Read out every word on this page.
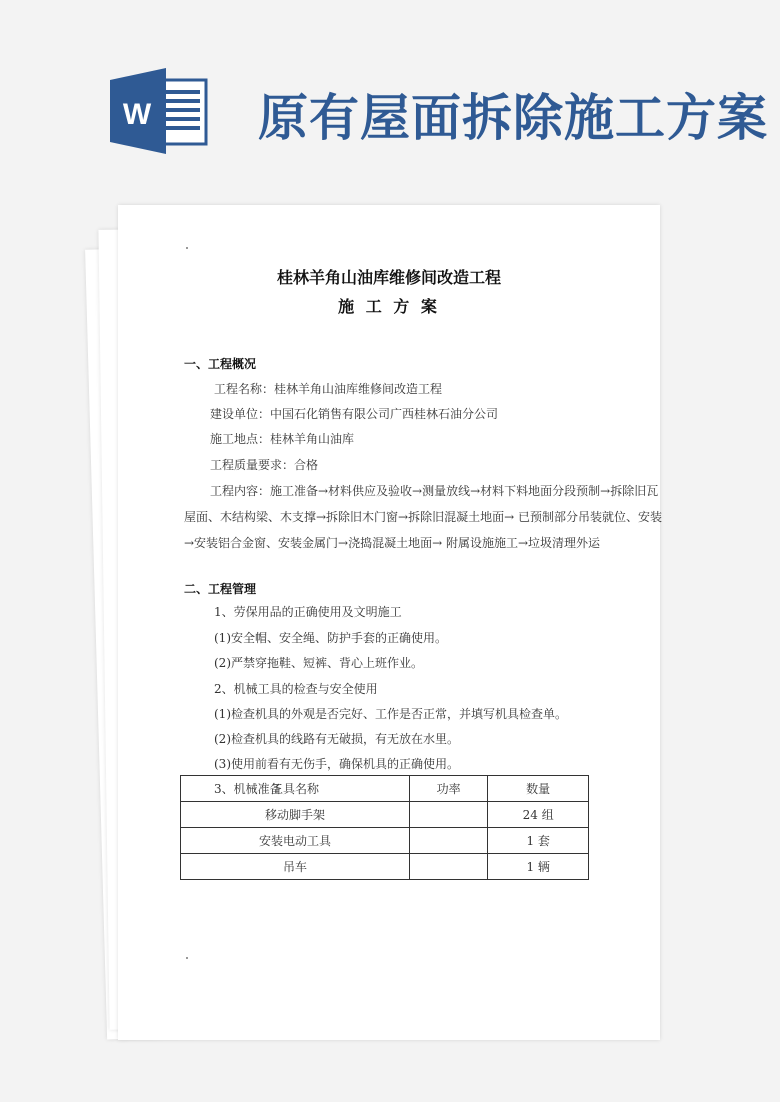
W 原有屋面拆除施工方案
桂林羊角山油库维修间改造工程
施 工 方 案
一、工程概况
工程名称：桂林羊角山油库维修间改造工程
建设单位：中国石化销售有限公司广西桂林石油分公司
施工地点：桂林羊角山油库
工程质量要求：合格
工程内容：施工准备→材料供应及验收→测量放线→材料下料地面分段预制→拆除旧瓦
屋面、木结构梁、木支撑→拆除旧木门窗→拆除旧混凝土地面→ 已预制部分吊装就位、安装
→安装铝合金窗、安装金属门→浇捣混凝土地面→ 附属设施施工→垃圾清理外运
二、工程管理
1、劳保用品的正确使用及文明施工
(1)安全帽、安全绳、防护手套的正确使用。
(2)严禁穿拖鞋、短裤、背心上班作业。
2、机械工具的检查与安全使用
(1)检查机具的外观是否完好、工作是否正常，并填写机具检查单。
(2)检查机具的线路有无破损，有无放在水里。
(3)使用前看有无伤手，确保机具的正确使用。
工具名称	功率	数量
移动脚手架		24 组
安装电动工具		1 套
吊车		1 辆
3、机械准备
